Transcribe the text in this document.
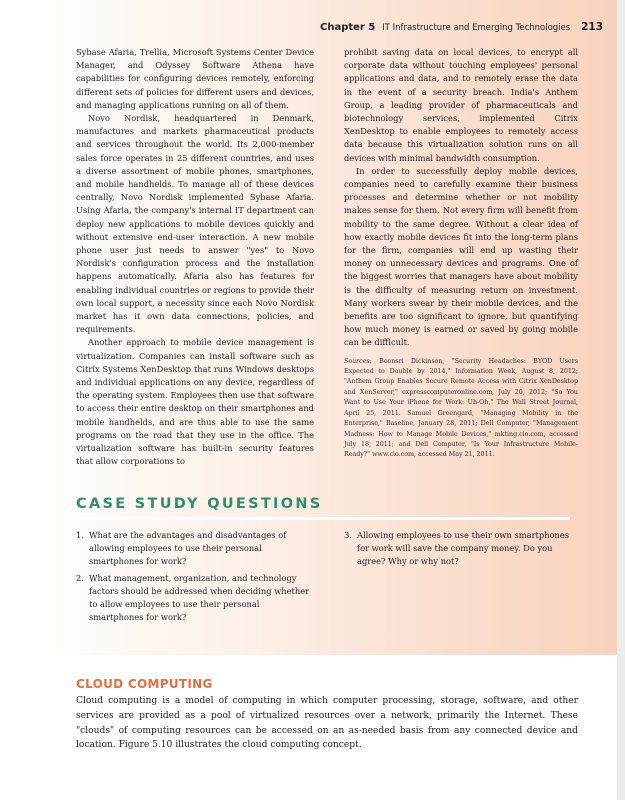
Chapter 5 IT Infrastructure and Emerging Technologies 213

Sybase Afaria, Trellia, Microsoft Systems Center Device Manager, and Odyssey Software Athena have capabilities for configuring devices remotely, enforcing different sets of policies for different users and devices, and managing applications running on all of them.

Novo Nordisk, headquartered in Denmark, manufactures and markets pharmaceutical products and services throughout the world. Its 2,000-member sales force operates in 25 different countries, and uses a diverse assortment of mobile phones, smartphones, and mobile handhelds. To manage all of these devices centrally, Novo Nordisk implemented Sybase Afaria. Using Afaria, the company's internal IT department can deploy new applications to mobile devices quickly and without extensive end-user interaction. A new mobile phone user just needs to answer "yes" to Novo Nordisk's configuration process and the installation happens automatically. Afaria also has features for enabling individual countries or regions to provide their own local support, a necessity since each Novo Nordisk market has it own data connections, policies, and requirements.

Another approach to mobile device management is virtualization. Companies can install software such as Citrix Systems XenDesktop that runs Windows desktops and individual applications on any device, regardless of the operating system. Employees then use that software to access their entire desktop on their smartphones and mobile handhelds, and are thus able to use the same programs on the road that they use in the office. The virtualization software has built-in security features that allow corporations to

prohibit saving data on local devices, to encrypt all corporate data without touching employees' personal applications and data, and to remotely erase the data in the event of a security breach. India's Anthem Group, a leading provider of pharmaceuticals and biotechnology services, implemented Citrix XenDesktop to enable employees to remotely access data because this virtualization solution runs on all devices with minimal bandwidth consumption.

In order to successfully deploy mobile devices, companies need to carefully examine their business processes and determine whether or not mobility makes sense for them. Not every firm will benefit from mobility to the same degree. Without a clear idea of how exactly mobile devices fit into the long-term plans for the firm, companies will end up wasting their money on unnecessary devices and programs. One of the biggest worries that managers have about mobility is the difficulty of measuring return on investment. Many workers swear by their mobile devices, and the benefits are too significant to ignore, but quantifying how much money is earned or saved by going mobile can be difficult.

Sources: Boonsri Dickinson, "Security Headaches: BYOD Users Expected to Double by 2014," Information Week, August 8, 2012; "Anthem Group Enables Secure Remote Access with Citrix XenDesktop and XenServer," expresscomputeronline.com, July 20, 2012; "So You Want to Use Your iPhone for Work: Uh-Oh," The Wall Street Journal, April 25, 2011. Samuel Greengard, "Managing Mobility in the Enterprise," Baseline, January 28, 2011; Dell Computer, "Management Madness: How to Manage Mobile Devices," mkting.cio.com, accessed July 18, 2011; and Dell Computer, "Is Your Infrastructure Mobile-Ready?" www.cio.com, accessed May 21, 2011.

CASE STUDY QUESTIONS
1. What are the advantages and disadvantages of allowing employees to use their personal smartphones for work?
2. What management, organization, and technology factors should be addressed when deciding whether to allow employees to use their personal smartphones for work?
3. Allowing employees to use their own smartphones for work will save the company money. Do you agree? Why or why not?
CLOUD COMPUTING

Cloud computing is a model of computing in which computer processing, storage, software, and other services are provided as a pool of virtualized resources over a network, primarily the Internet. These "clouds" of computing resources can be accessed on an as-needed basis from any connected device and location. Figure 5.10 illustrates the cloud computing concept.
